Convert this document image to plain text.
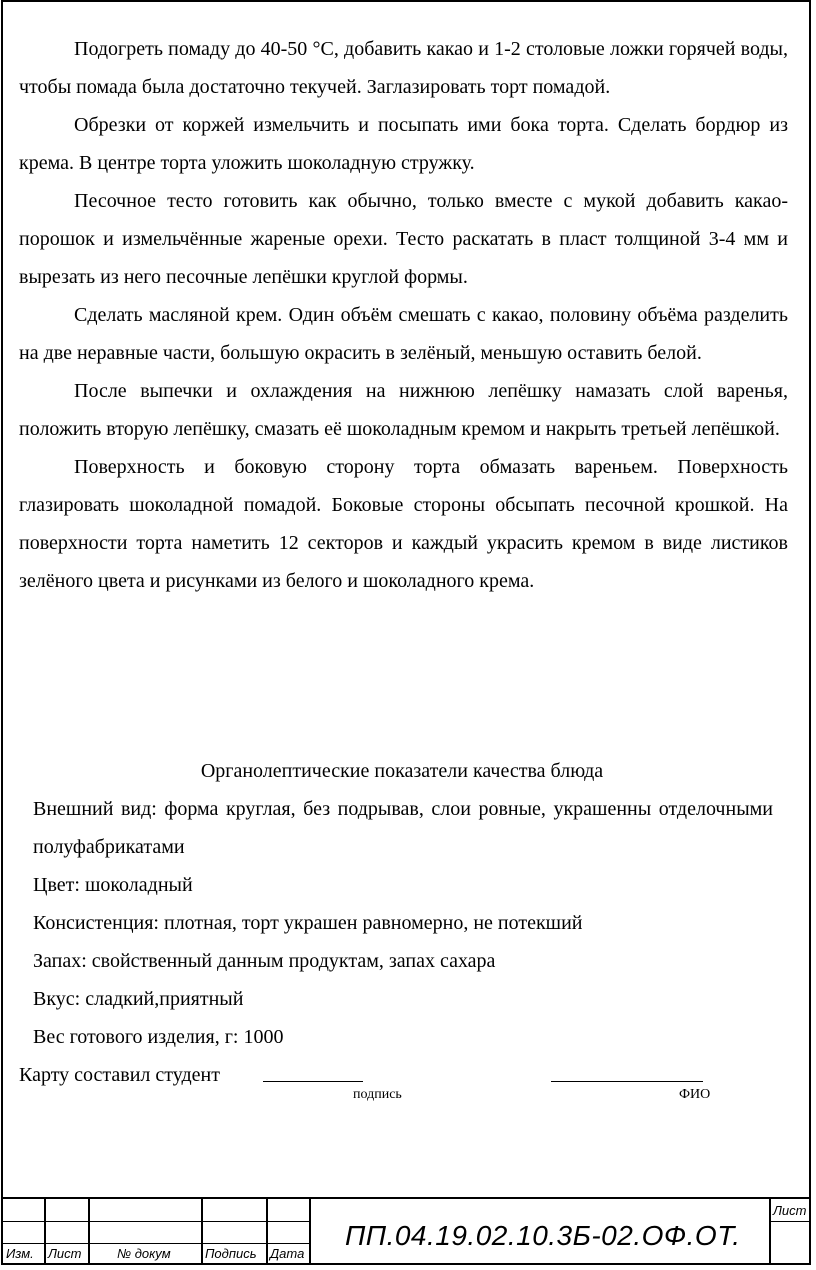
Подогреть помаду до 40-50 °С, добавить какао и 1-2 столовые ложки горячей воды, чтобы помада была достаточно текучей. Заглазировать торт помадой.

Обрезки от коржей измельчить и посыпать ими бока торта. Сделать бордюр из крема. В центре торта уложить шоколадную стружку.

Песочное тесто готовить как обычно, только вместе с мукой добавить какао-порошок и измельчённые жареные орехи. Тесто раскатать в пласт толщиной 3-4 мм и вырезать из него песочные лепёшки круглой формы.

Сделать масляной крем. Один объём смешать с какао, половину объёма разделить на две неравные части, большую окрасить в зелёный, меньшую оставить белой.

После выпечки и охлаждения на нижнюю лепёшку намазать слой варенья, положить вторую лепёшку, смазать её шоколадным кремом и накрыть третьей лепёшкой.

Поверхность и боковую сторону торта обмазать вареньем. Поверхность глазировать шоколадной помадой. Боковые стороны обсыпать песочной крошкой. На поверхности торта наметить 12 секторов и каждый украсить кремом в виде листиков зелёного цвета и рисунками из белого и шоколадного крема.

Органолептические показатели качества блюда

Внешний вид: форма круглая, без подрывав, слои ровные, украшенны отделочными полуфабрикатами

Цвет: шоколадный

Консистенция: плотная, торт украшен равномерно, не потекший

Запах: свойственный данным продуктам, запах сахара

Вкус: сладкий,приятный

Вес готового изделия, г: 1000

Карту составил студент
подпись	ФИО
Изм. Лист	№ докум	Подпись Дата
ПП.04.19.02.10.3Б-02.ОФ.ОТ.
Лист
